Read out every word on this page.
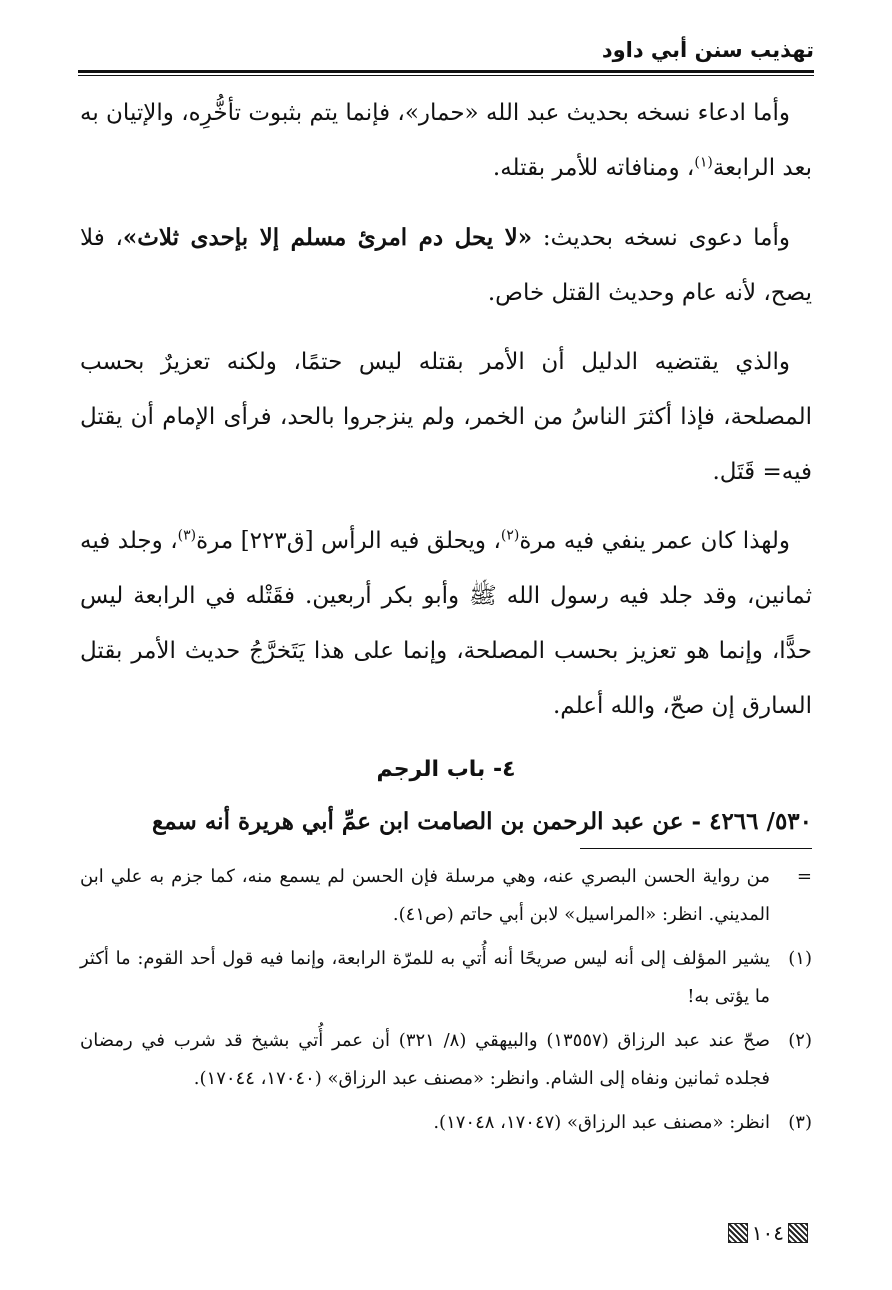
تهذيب سنن أبي داود

وأما ادعاء نسخه بحديث عبد الله «حمار»، فإنما يتم بثبوت تأخُّرِه، والإتيان به بعد الرابعة$^{(١)}$، ومنافاته للأمر بقتله.

وأما دعوى نسخه بحديث: «لا يحل دم امرئ مسلم إلا بإحدى ثلاث»، فلا يصح، لأنه عام وحديث القتل خاص.

والذي يقتضيه الدليل أن الأمر بقتله ليس حتمًا، ولكنه تعزيرٌ بحسب المصلحة، فإذا أكثرَ الناسُ من الخمر، ولم ينزجروا بالحد، فرأى الإمام أن يقتل فيه= قَتَل.

ولهذا كان عمر ينفي فيه مرة$^{(٢)}$، ويحلق فيه الرأس [ق٢٢٣] مرة$^{(٣)}$، وجلد فيه ثمانين، وقد جلد فيه رسول الله ﷺ وأبو بكر أربعين. فقَتْله في الرابعة ليس حدًّا، وإنما هو تعزيز بحسب المصلحة، وإنما على هذا يَتَخرَّجُ حديث الأمر بقتل السارق إن صحّ، والله أعلم.

٤- باب الرجم

٥٣٠/ ٤٢٦٦ - عن عبد الرحمن بن الصامت ابن عمِّ أبي هريرة أنه سمع

=
من رواية الحسن البصري عنه، وهي مرسلة فإن الحسن لم يسمع منه، كما جزم به علي ابن المديني. انظر: «المراسيل» لابن أبي حاتم (ص٤١).
(١)
يشير المؤلف إلى أنه ليس صريحًا أنه أُتي به للمرّة الرابعة، وإنما فيه قول أحد القوم: ما أكثر ما يؤتى به!
(٢)
صحّ عند عبد الرزاق (١٣٥٥٧) والبيهقي (٨/ ٣٢١) أن عمر أُتي بشيخ قد شرب في رمضان فجلده ثمانين ونفاه إلى الشام. وانظر: «مصنف عبد الرزاق» (١٧٠٤٠، ١٧٠٤٤).
(٣)
انظر: «مصنف عبد الرزاق» (١٧٠٤٧، ١٧٠٤٨).
١٠٤
